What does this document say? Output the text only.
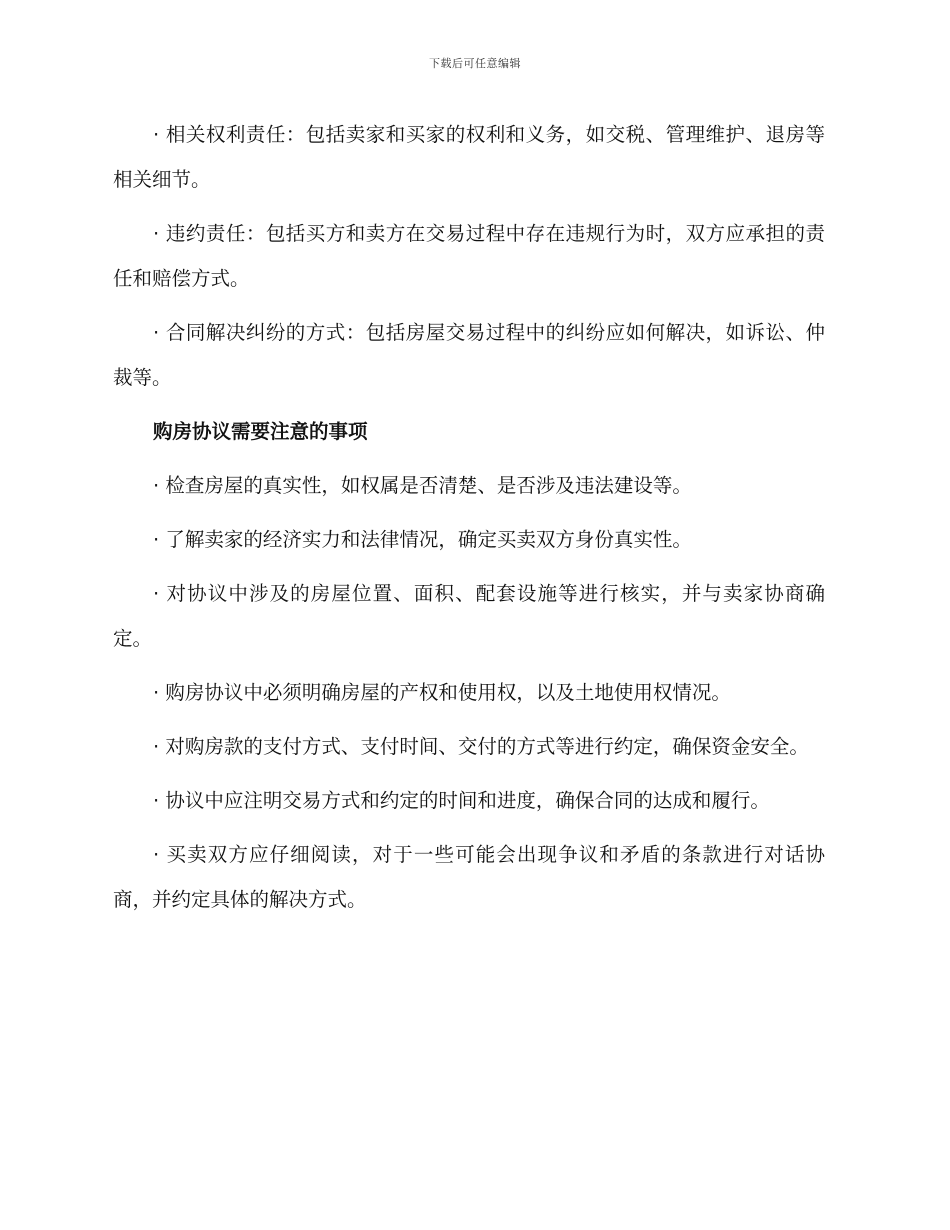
下载后可任意编辑

· 相关权利责任：包括卖家和买家的权利和义务，如交税、管理维护、退房等相关细节。

· 违约责任：包括买方和卖方在交易过程中存在违规行为时，双方应承担的责任和赔偿方式。

· 合同解决纠纷的方式：包括房屋交易过程中的纠纷应如何解决，如诉讼、仲裁等。

购房协议需要注意的事项

· 检查房屋的真实性，如权属是否清楚、是否涉及违法建设等。

· 了解卖家的经济实力和法律情况，确定买卖双方身份真实性。

· 对协议中涉及的房屋位置、面积、配套设施等进行核实，并与卖家协商确定。

· 购房协议中必须明确房屋的产权和使用权，以及土地使用权情况。

· 对购房款的支付方式、支付时间、交付的方式等进行约定，确保资金安全。

· 协议中应注明交易方式和约定的时间和进度，确保合同的达成和履行。

· 买卖双方应仔细阅读，对于一些可能会出现争议和矛盾的条款进行对话协商，并约定具体的解决方式。
